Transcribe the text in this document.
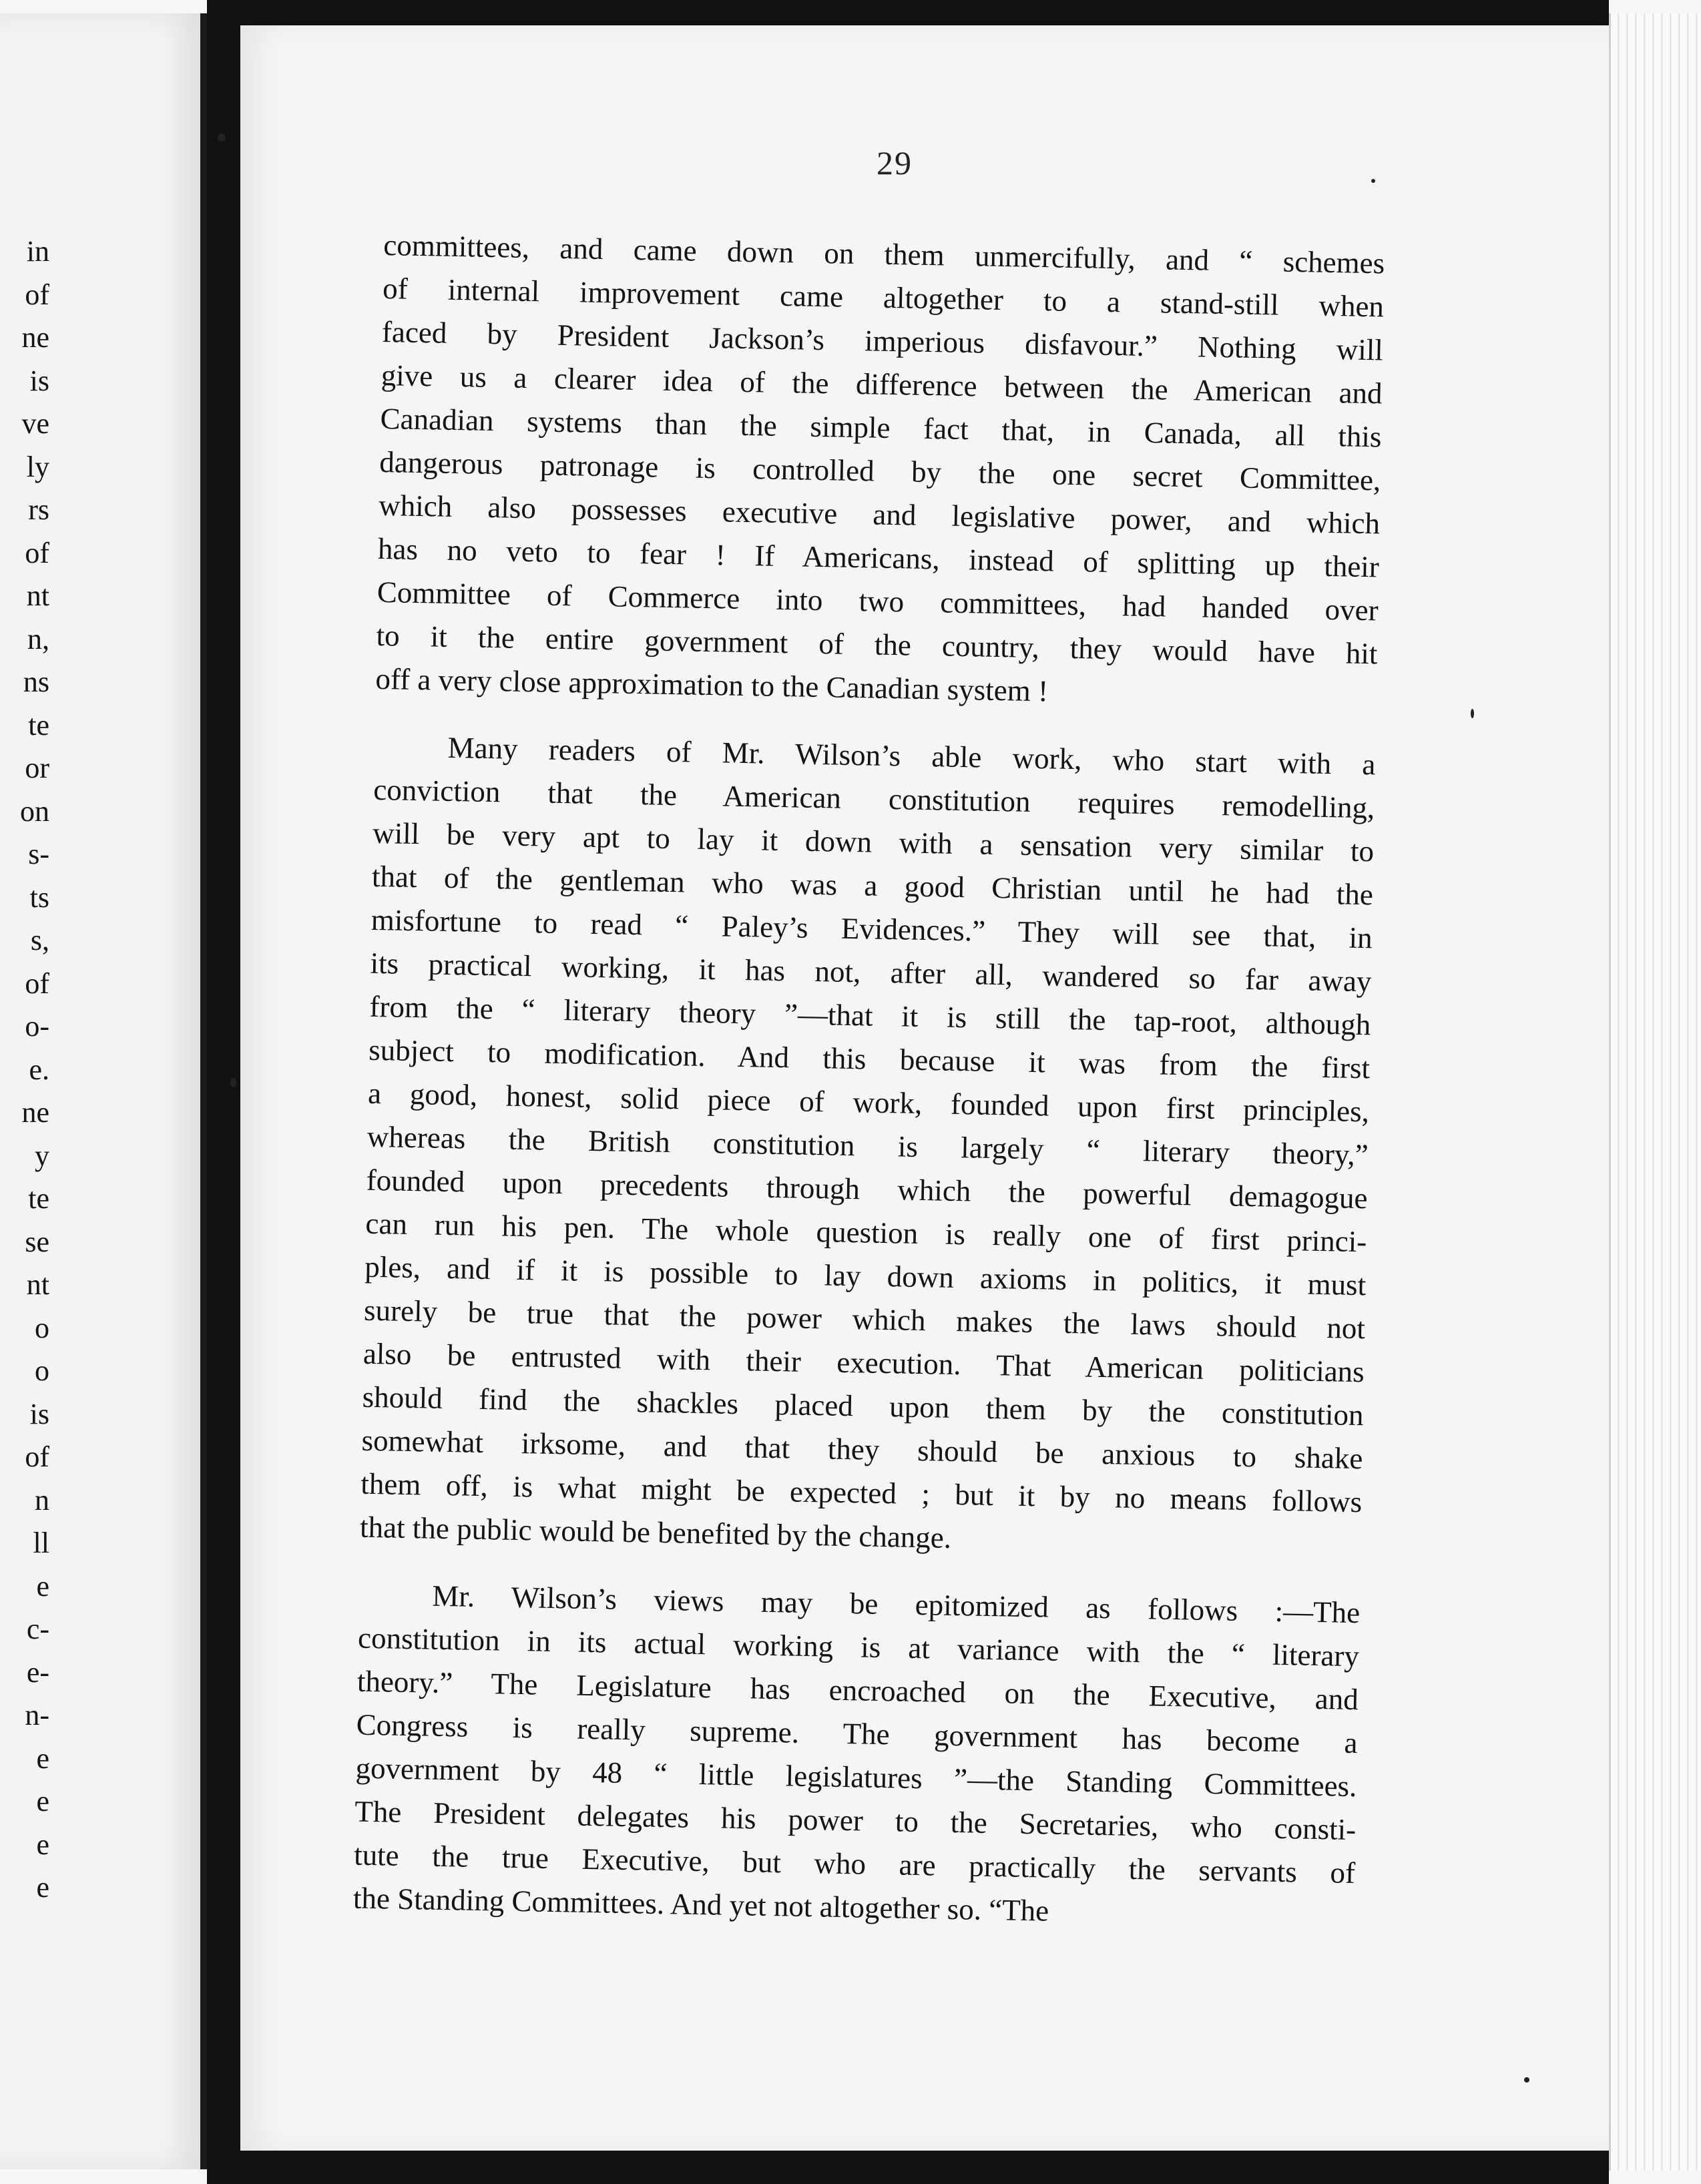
in
of
ne
is
ve
ly
rs
of
nt
n,
ns
te
or
on
s-
ts
s,
of
o-
e.
ne
y
te
se
nt
o
o
is
of
n
ll
e
c-
e-
n-
e
e
e
e
29
committees, and came down on them unmercifully, and “ schemes
of internal improvement came altogether to a stand-still when
faced by President Jackson’s imperious disfavour.” Nothing will
give us a clearer idea of the difference between the American and
Canadian systems than the simple fact that, in Canada, all this
dangerous patronage is controlled by the one secret Committee,
which also possesses executive and legislative power, and which
has no veto to fear ! If Americans, instead of splitting up their
Committee of Commerce into two committees, had handed over
to it the entire government of the country, they would have hit
off a very close approximation to the Canadian system !
Many readers of Mr. Wilson’s able work, who start with a
conviction that the American constitution requires remodelling,
will be very apt to lay it down with a sensation very similar to
that of the gentleman who was a good Christian until he had the
misfortune to read “ Paley’s Evidences.” They will see that, in
its practical working, it has not, after all, wandered so far away
from the “ literary theory ”—that it is still the tap-root, although
subject to modification. And this because it was from the first
a good, honest, solid piece of work, founded upon first principles,
whereas the British constitution is largely “ literary theory,”
founded upon precedents through which the powerful demagogue
can run his pen. The whole question is really one of first princi-
ples, and if it is possible to lay down axioms in politics, it must
surely be true that the power which makes the laws should not
also be entrusted with their execution. That American politicians
should find the shackles placed upon them by the constitution
somewhat irksome, and that they should be anxious to shake
them off, is what might be expected ; but it by no means follows
that the public would be benefited by the change.
Mr. Wilson’s views may be epitomized as follows :—The
constitution in its actual working is at variance with the “ literary
theory.” The Legislature has encroached on the Executive, and
Congress is really supreme. The government has become a
government by 48 “ little legislatures ”—the Standing Committees.
The President delegates his power to the Secretaries, who consti-
tute the true Executive, but who are practically the servants of
the Standing Committees. And yet not altogether so. “The
